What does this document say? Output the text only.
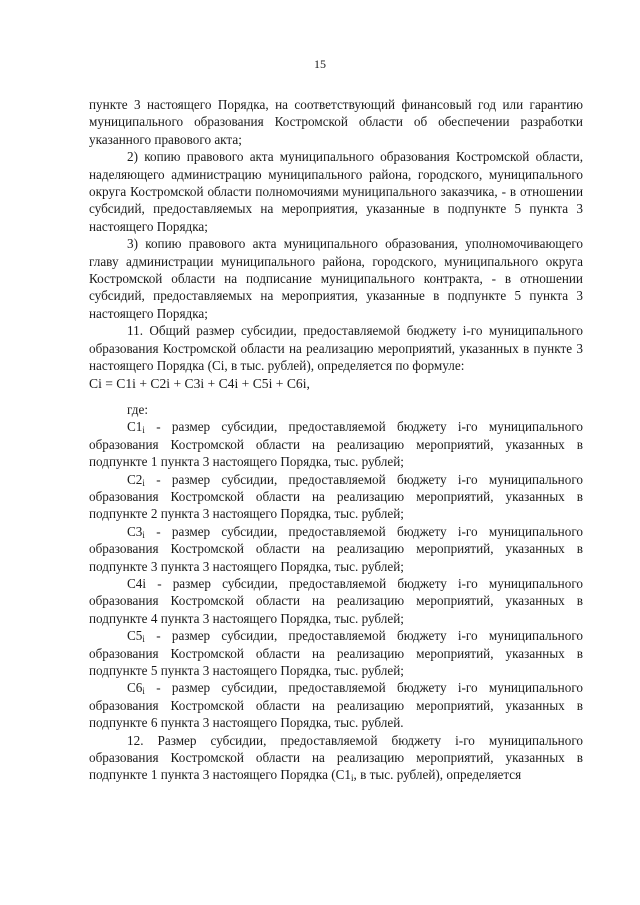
15

пункте 3 настоящего Порядка, на соответствующий финансовый год или гарантию муниципального образования Костромской области об обеспечении разработки указанного правового акта;

2) копию правового акта муниципального образования Костромской области, наделяющего администрацию муниципального района, городского, муниципального округа Костромской области полномочиями муниципального заказчика, - в отношении субсидий, предоставляемых на мероприятия, указанные в подпункте 5 пункта 3 настоящего Порядка;

3) копию правового акта муниципального образования, уполномочивающего главу администрации муниципального района, городского, муниципального округа Костромской области на подписание муниципального контракта, - в отношении субсидий, предоставляемых на мероприятия, указанные в подпункте 5 пункта 3 настоящего Порядка;

11. Общий размер субсидии, предоставляемой бюджету i-го муниципального образования Костромской области на реализацию мероприятий, указанных в пункте 3 настоящего Порядка (Сi, в тыс. рублей), определяется по формуле:

Ci = C1i + C2i + C3i + C4i + C5i + C6i,

где:

$С1_i$ - размер субсидии, предоставляемой бюджету i-го муниципального образования Костромской области на реализацию мероприятий, указанных в подпункте 1 пункта 3 настоящего Порядка, тыс. рублей;

$С2_i$ - размер субсидии, предоставляемой бюджету i-го муниципального образования Костромской области на реализацию мероприятий, указанных в подпункте 2 пункта 3 настоящего Порядка, тыс. рублей;

$С3_i$ - размер субсидии, предоставляемой бюджету i-го муниципального образования Костромской области на реализацию мероприятий, указанных в подпункте 3 пункта 3 настоящего Порядка, тыс. рублей;

С4i - размер субсидии, предоставляемой бюджету i-го муниципального образования Костромской области на реализацию мероприятий, указанных в подпункте 4 пункта 3 настоящего Порядка, тыс. рублей;

$С5_i$ - размер субсидии, предоставляемой бюджету i-го муниципального образования Костромской области на реализацию мероприятий, указанных в подпункте 5 пункта 3 настоящего Порядка, тыс. рублей;

$С6_i$ - размер субсидии, предоставляемой бюджету i-го муниципального образования Костромской области на реализацию мероприятий, указанных в подпункте 6 пункта 3 настоящего Порядка, тыс. рублей.

12. Размер субсидии, предоставляемой бюджету i-го муниципального образования Костромской области на реализацию мероприятий, указанных в подпункте 1 пункта 3 настоящего Порядка ($С1_i$, в тыс. рублей), определяется
